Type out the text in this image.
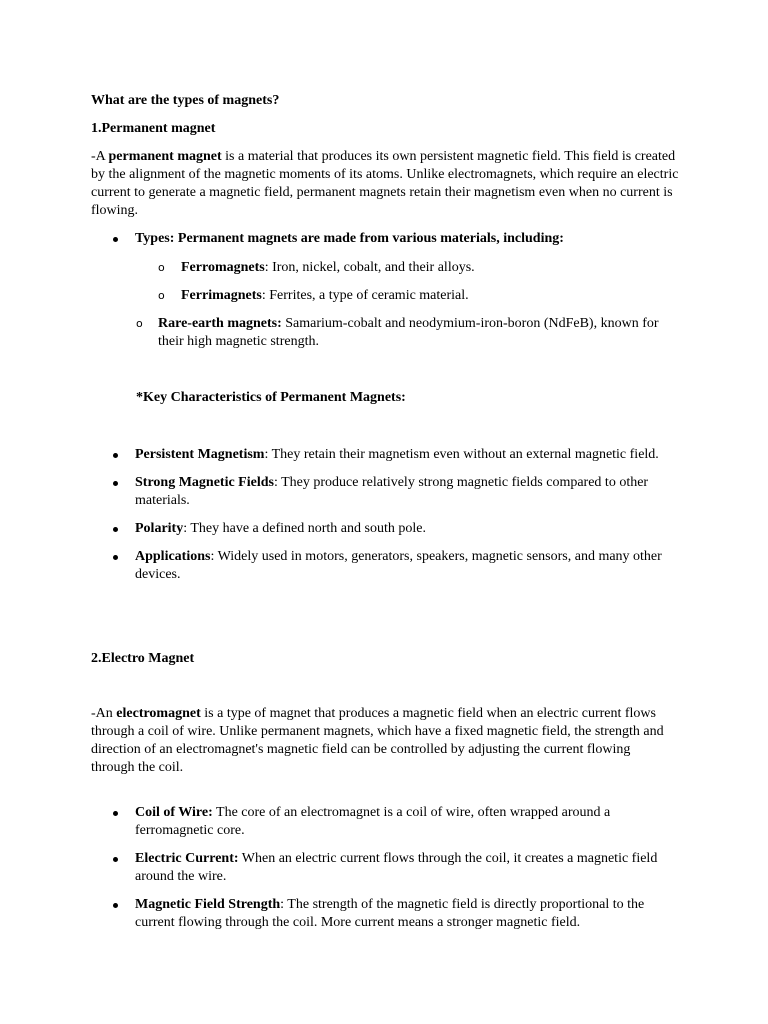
What are the types of magnets?
1.Permanent magnet

-A permanent magnet is a material that produces its own persistent magnetic field. This field is created by the alignment of the magnetic moments of its atoms. Unlike electromagnets, which require an electric current to generate a magnetic field, permanent magnets retain their magnetism even when no current is flowing.

Types: Permanent magnets are made from various materials, including:
o Ferromagnets: Iron, nickel, cobalt, and their alloys.
o Ferrimagnets: Ferrites, a type of ceramic material.
o Rare-earth magnets: Samarium-cobalt and neodymium-iron-boron (NdFeB), known for their high magnetic strength.
*Key Characteristics of Permanent Magnets:
Persistent Magnetism: They retain their magnetism even without an external magnetic field.
Strong Magnetic Fields: They produce relatively strong magnetic fields compared to other materials.
Polarity: They have a defined north and south pole.
Applications: Widely used in motors, generators, speakers, magnetic sensors, and many other devices.
2.Electro Magnet

-An electromagnet is a type of magnet that produces a magnetic field when an electric current flows through a coil of wire. Unlike permanent magnets, which have a fixed magnetic field, the strength and direction of an electromagnet's magnetic field can be controlled by adjusting the current flowing through the coil.

Coil of Wire: The core of an electromagnet is a coil of wire, often wrapped around a ferromagnetic core.
Electric Current: When an electric current flows through the coil, it creates a magnetic field around the wire.
Magnetic Field Strength: The strength of the magnetic field is directly proportional to the current flowing through the coil. More current means a stronger magnetic field.
